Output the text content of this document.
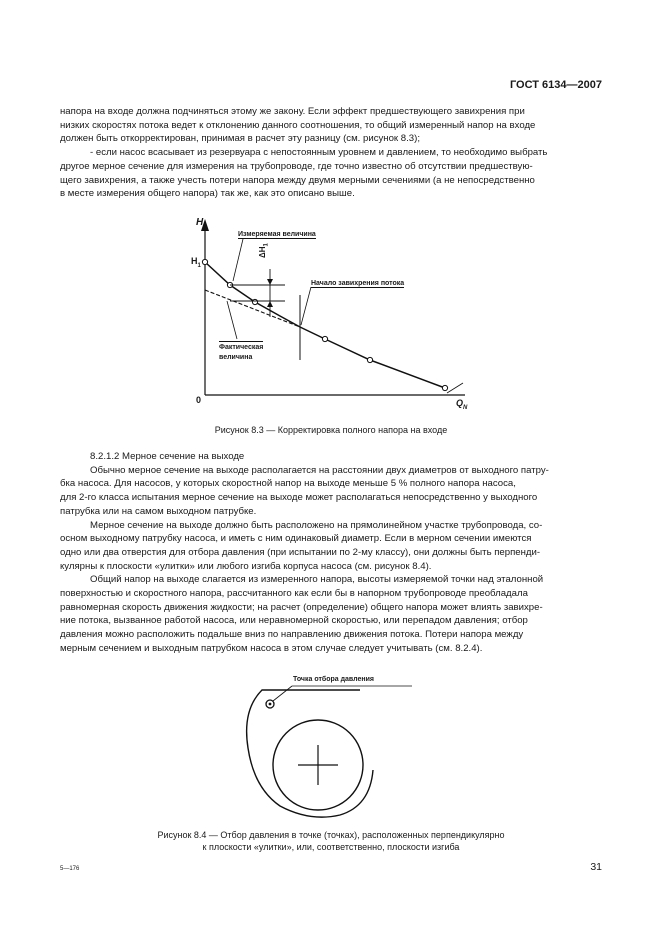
ГОСТ 6134—2007
напора на входе должна подчиняться этому же закону. Если эффект предшествующего завихрения при
низких скоростях потока ведет к отклонению данного соотношения, то общий измеренный напор на входе
должен быть откорректирован, принимая в расчет эту разницу (см. рисунок 8.3);
- если насос всасывает из резервуара с непостоянным уровнем и давлением, то необходимо выбрать
другое мерное сечение для измерения на трубопроводе, где точно известно об отсутствии предшествую-
щего завихрения, а также учесть потери напора между двумя мерными сечениями (а не непосредственно
в месте измерения общего напора) так же, как это описано выше.
H
$H_1$
0	$Q_N$
$\Delta H_1$
Измеряемая величина
Начало завихрения потока
Фактическая
величина
Рисунок 8.3 — Корректировка полного напора на входе
8.2.1.2 Мерное сечение на выходе
Обычно мерное сечение на выходе располагается на расстоянии двух диаметров от выходного патру-
бка насоса. Для насосов, у которых скоростной напор на выходе меньше 5 % полного напора насоса,
для 2-го класса испытания мерное сечение на выходе может располагаться непосредственно у выходного
патрубка или на самом выходном патрубке.
Мерное сечение на выходе должно быть расположено на прямолинейном участке трубопровода, со-
осном выходному патрубку насоса, и иметь с ним одинаковый диаметр. Если в мерном сечении имеются
одно или два отверстия для отбора давления (при испытании по 2-му классу), они должны быть перпенди-
кулярны к плоскости «улитки» или любого изгиба корпуса насоса (см. рисунок 8.4).
Общий напор на выходе слагается из измеренного напора, высоты измеряемой точки над эталонной
поверхностью и скоростного напора, рассчитанного как если бы в напорном трубопроводе преобладала
равномерная скорость движения жидкости; на расчет (определение) общего напора может влиять завихре-
ние потока, вызванное работой насоса, или неравномерной скоростью, или перепадом давления; отбор
давления можно расположить подальше вниз по направлению движения потока. Потери напора между
мерным сечением и выходным патрубком насоса в этом случае следует учитывать (см. 8.2.4).
Точка отбора давления
Рисунок 8.4 — Отбор давления в точке (точках), расположенных перпендикулярно
к плоскости «улитки», или, соответственно, плоскости изгиба
5—176	31
